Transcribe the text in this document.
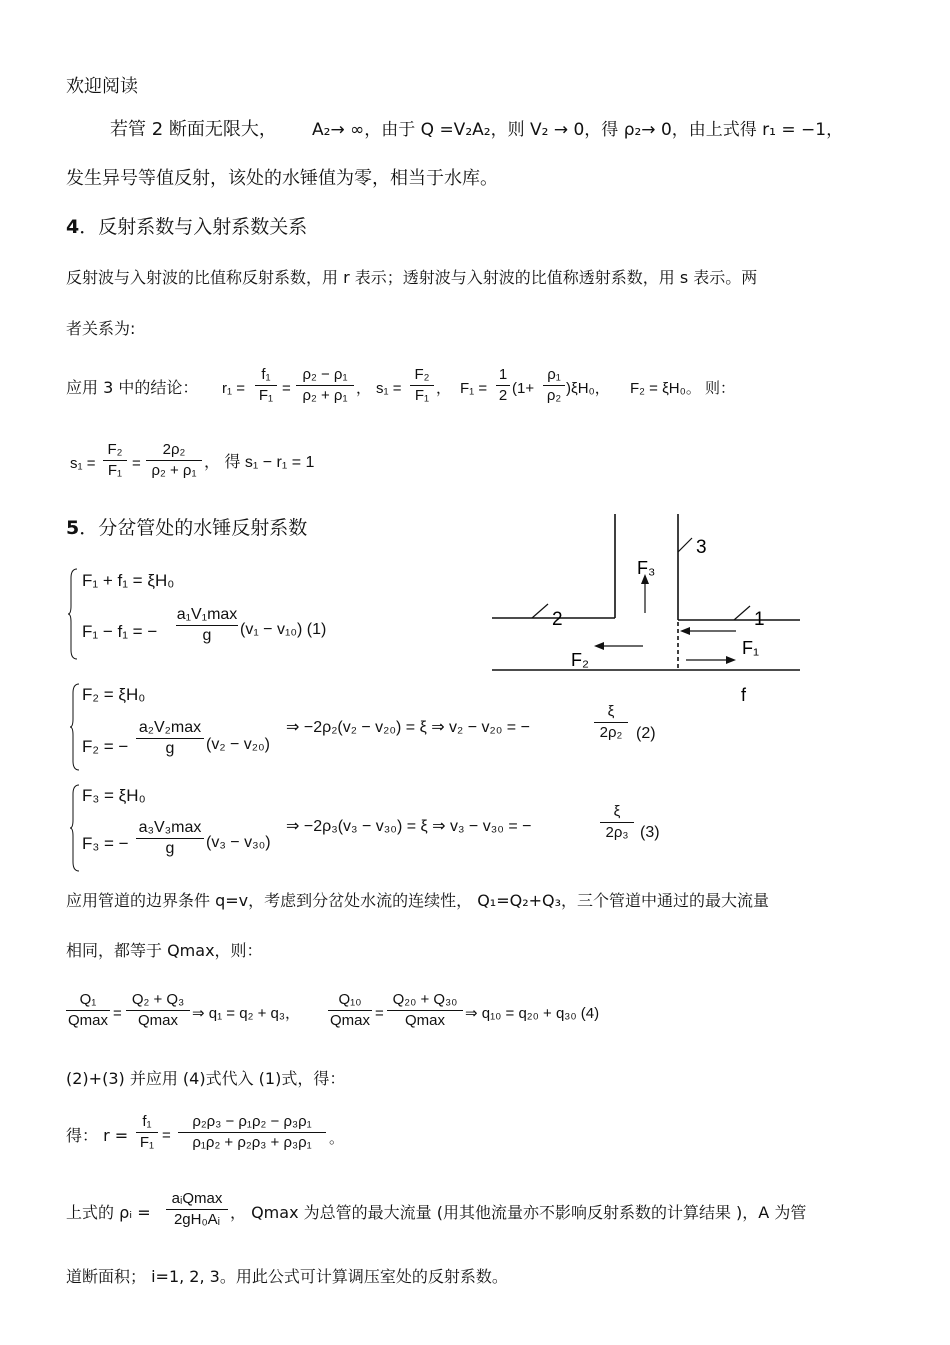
​
欢迎阅读
若管 2 断面无限大， A₂→ ∞，由于 Q =V₂A₂，则 V₂ → 0，得 ρ₂→ 0，由上式得 r₁ = −1，
发生异号等值反射，该处的水锤值为零，相当于水库。
4．反射系数与入射系数关系
反射波与入射波的比值称反射系数，用 r 表示；透射波与入射波的比值称透射系数，用 s 表示。两
者关系为:
应用 3 中的结论： r₁ =
f₁
F₁ =
ρ₂ − ρ₁
ρ₂ + ρ₁ ， s₁ =
F₂
F₁ ， F₁ =
1
2 (1+
ρ₁
ρ₂ )ξH₀， F₂ = ξH₀。 则：
s₁ =
F₂
F₁ =
2ρ₂
ρ₂ + ρ₁ ， 得 s₁ − r₁ = 1
5．分岔管处的水锤反射系数
F₁ + f₁ = ξH₀
F₁ − f₁ = −
a₁V₁max
g	(v₁ − v₁₀) (1)
F₂ = ξH₀
F₂ = −
a₂V₂max
g	(v₂ − v₂₀)
⇒ −2ρ₂(v₂ − v₂₀) = ξ ⇒ v₂ − v₂₀ = −
ξ
2ρ₂ (2)
F₃ = ξH₀
F₃ = −
a₃V₃max
g	(v₃ − v₃₀)
⇒ −2ρ₃(v₃ − v₃₀) = ξ ⇒ v₃ − v₃₀ = −
ξ
2ρ₃ (3)
3
2	1
F₃
F₂
F₁
f
应用管道的边界条件 q=v，考虑到分岔处水流的连续性， Q₁=Q₂+Q₃，三个管道中通过的最大流量
相同，都等于 Qmax，则：
Q₁
Qmax =
Q₂ + Q₃
Qmax ⇒ q₁ = q₂ + q₃，
Q₁₀
Qmax =
Q₂₀ + Q₃₀
Qmax	⇒ q₁₀ = q₂₀ + q₃₀ (4)
(2)+(3) 并应用 (4)式代入 (1)式，得：
得： r =
f₁
F₁ =
ρ₂ρ₃ − ρ₁ρ₂ − ρ₃ρ₁
ρ₁ρ₂ + ρ₂ρ₃ + ρ₃ρ₁	。
上式的 ρᵢ =
aᵢQmax
2gH₀Aᵢ ， Qmax 为总管的最大流量 (用其他流量亦不影响反射系数的计算结果 )，A 为管
道断面积； i=1, 2, 3。用此公式可计算调压室处的反射系数。
